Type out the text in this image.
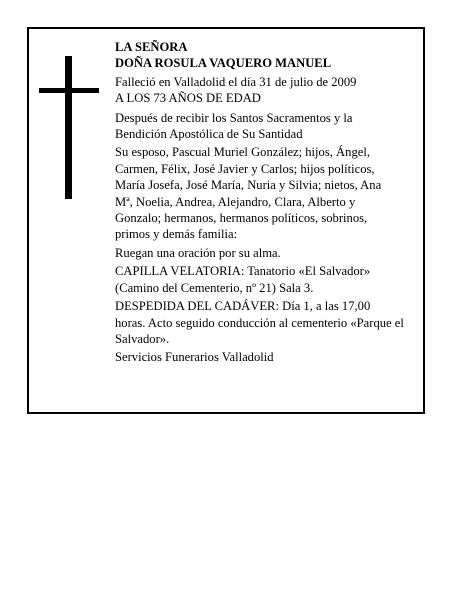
LA SEÑORA

DOÑA ROSULA VAQUERO MANUEL

Falleció en Valladolid el día 31 de julio de 2009

A LOS 73 AÑOS DE EDAD

Después de recibir los Santos Sacramentos y la

Bendición Apostólica de Su Santidad

Su esposo, Pascual Muriel González; hijos, Ángel,

Carmen, Félix, José Javier y Carlos; hijos políticos,

María Josefa, José María, Nuria y Silvia; nietos, Ana

Mª, Noelia, Andrea, Alejandro, Clara, Alberto y

Gonzalo; hermanos, hermanos políticos, sobrinos,

primos y demás familia:

Ruegan una oración por su alma.

CAPILLA VELATORIA: Tanatorio «El Salvador»

(Camino del Cementerio, nº 21) Sala 3.

DESPEDIDA DEL CADÁVER: Día 1, a las 17,00

horas. Acto seguido conducción al cementerio «Parque el

Salvador».

Servicios Funerarios Valladolid
